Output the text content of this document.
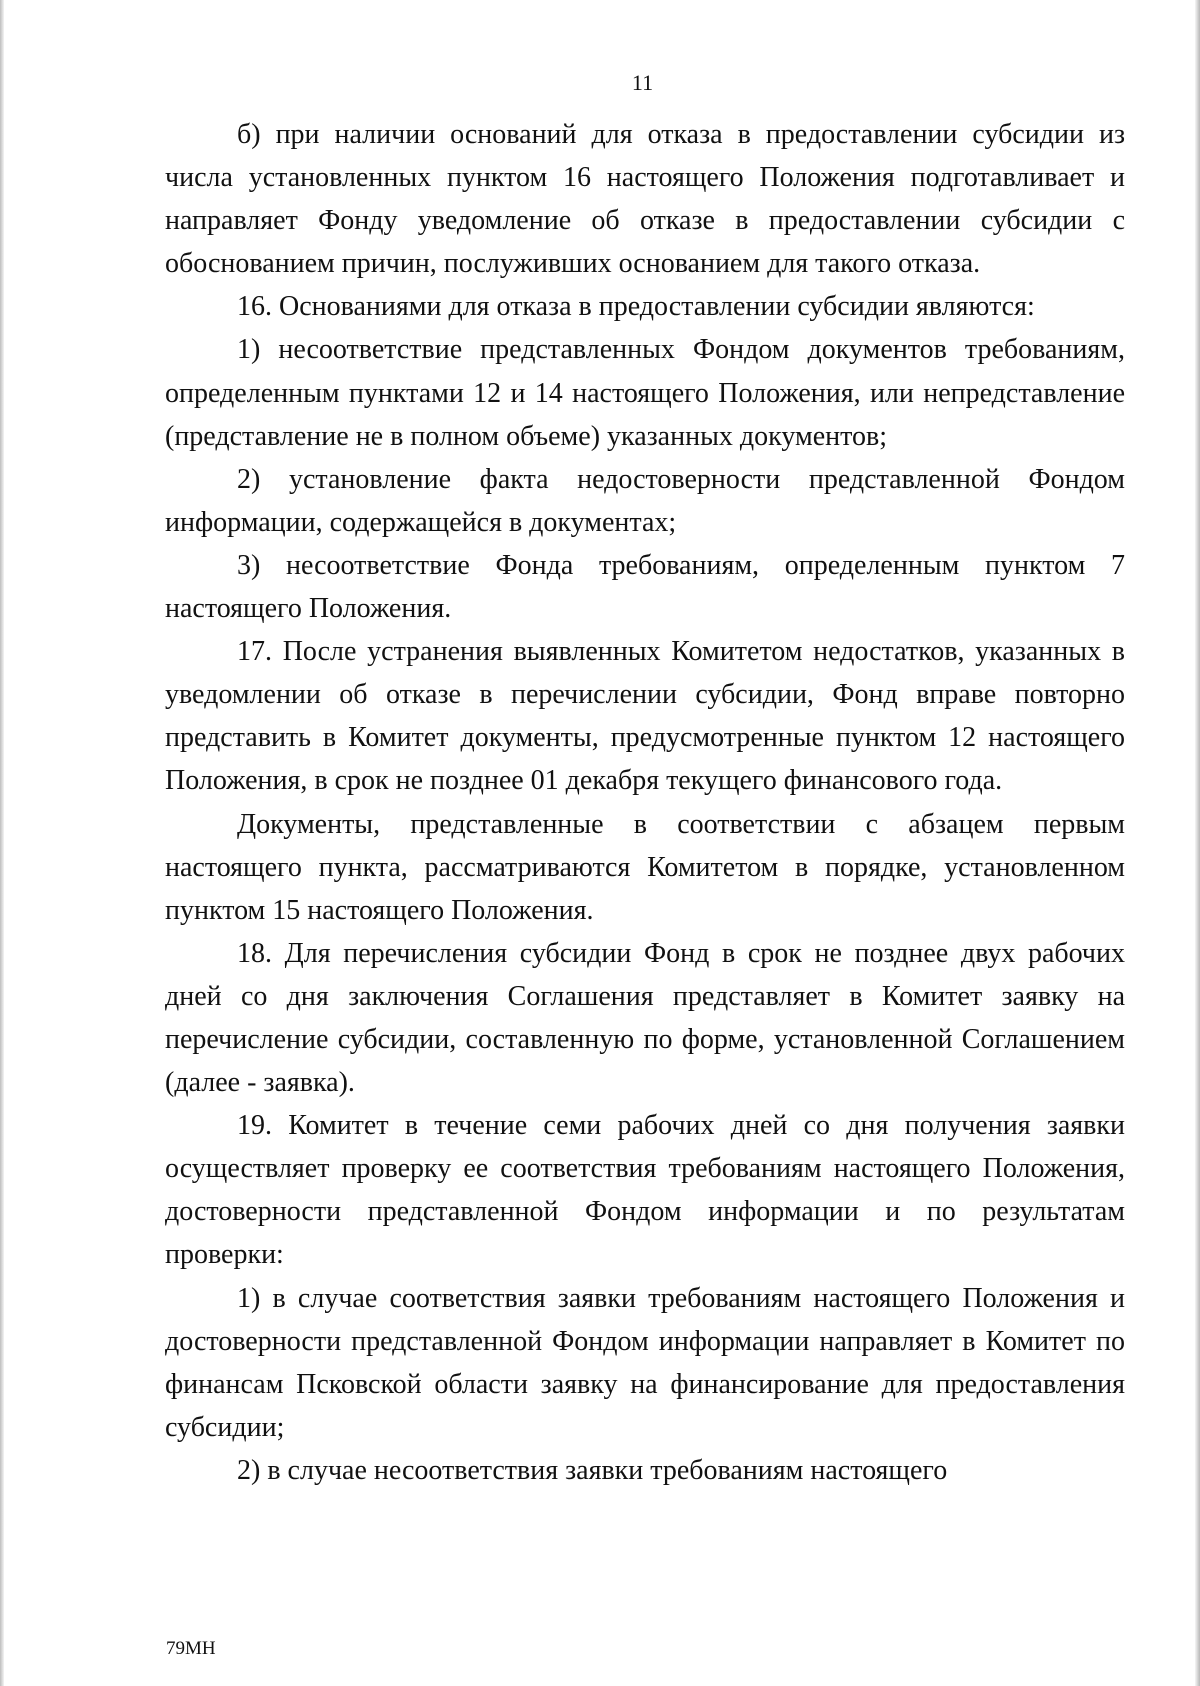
11

б) при наличии оснований для отказа в предоставлении субсидии из числа установленных пунктом 16 настоящего Положения подготавливает и направляет Фонду уведомление об отказе в предоставлении субсидии с обоснованием причин, послуживших основанием для такого отказа.

16. Основаниями для отказа в предоставлении субсидии являются:

1) несоответствие представленных Фондом документов требованиям, определенным пунктами 12 и 14 настоящего Положения, или непредставление (представление не в полном объеме) указанных документов;

2) установление факта недостоверности представленной Фондом информации, содержащейся в документах;

3) несоответствие Фонда требованиям, определенным пунктом 7 настоящего Положения.

17. После устранения выявленных Комитетом недостатков, указанных в уведомлении об отказе в перечислении субсидии, Фонд вправе повторно представить в Комитет документы, предусмотренные пунктом 12 настоящего Положения, в срок не позднее 01 декабря текущего финансового года.

Документы, представленные в соответствии с абзацем первым настоящего пункта, рассматриваются Комитетом в порядке, установленном пунктом 15 настоящего Положения.

18. Для перечисления субсидии Фонд в срок не позднее двух рабочих дней со дня заключения Соглашения представляет в Комитет заявку на перечисление субсидии, составленную по форме, установленной Соглашением (далее - заявка).

19. Комитет в течение семи рабочих дней со дня получения заявки осуществляет проверку ее соответствия требованиям настоящего Положения, достоверности представленной Фондом информации и по результатам проверки:

1) в случае соответствия заявки требованиям настоящего Положения и достоверности представленной Фондом информации направляет в Комитет по финансам Псковской области заявку на финансирование для предоставления субсидии;

2) в случае несоответствия заявки требованиям настоящего

79МН
